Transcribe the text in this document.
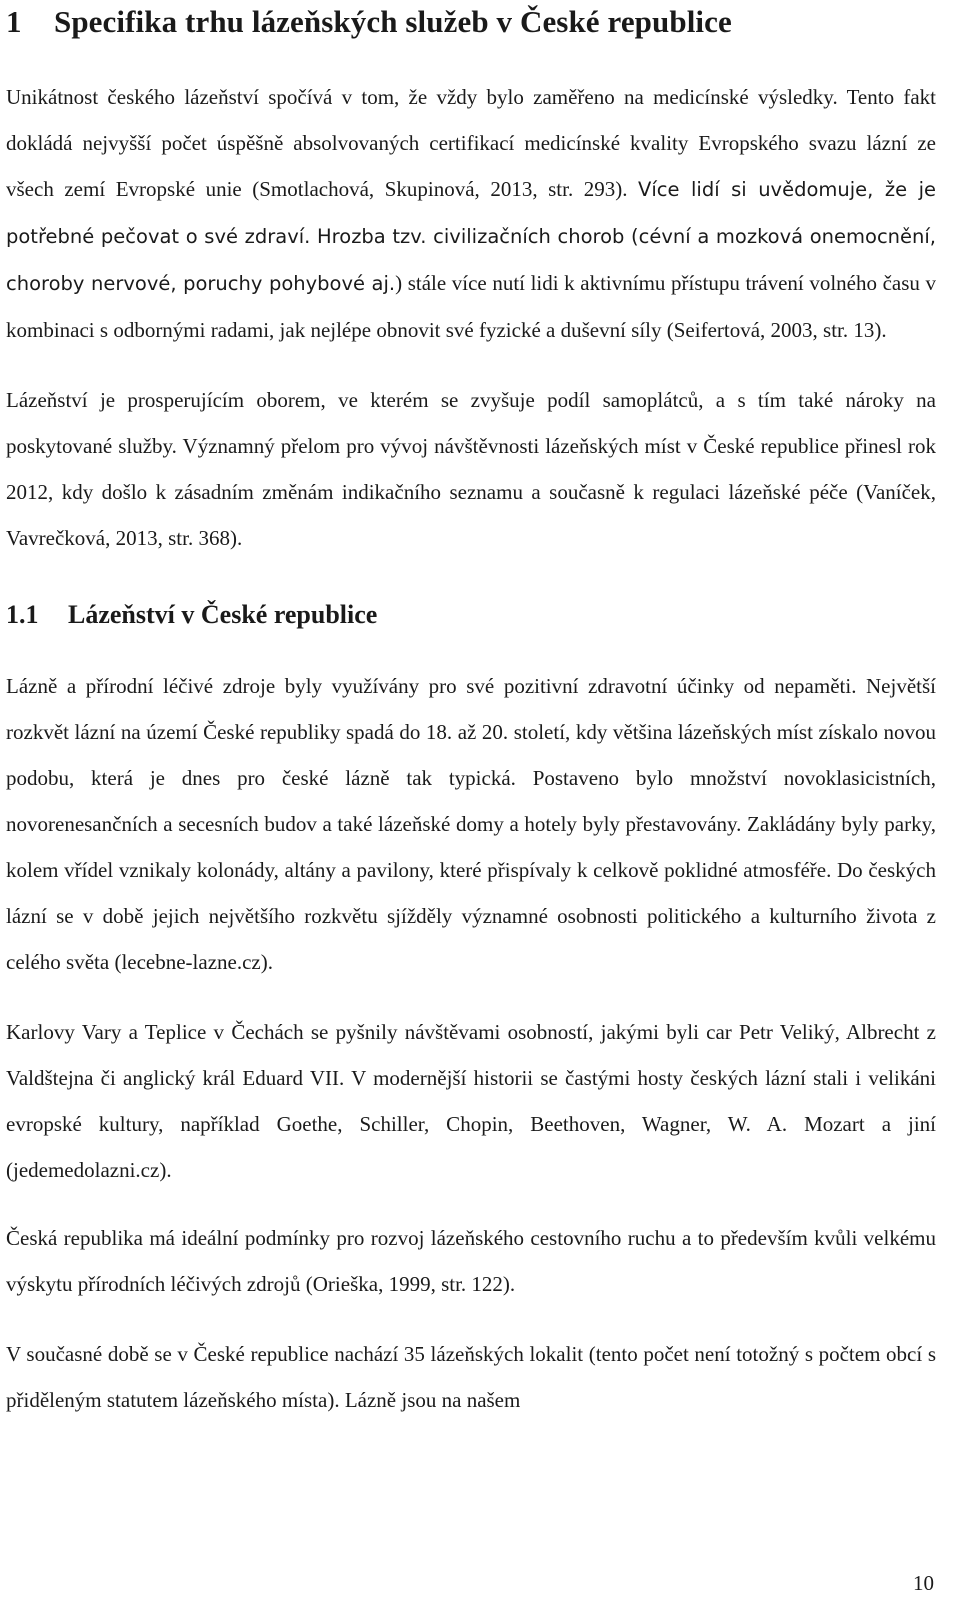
1 Specifika trhu lázeňských služeb v České republice

Unikátnost českého lázeňství spočívá v tom, že vždy bylo zaměřeno na medicínské výsledky. Tento fakt dokládá nejvyšší počet úspěšně absolvovaných certifikací medicínské kvality Evropského svazu lázní ze všech zemí Evropské unie (Smotlachová, Skupinová, 2013, str. 293). Více lidí si uvědomuje, že je potřebné pečovat o své zdraví. Hrozba tzv. civilizačních chorob (cévní a mozková onemocnění, choroby nervové, poruchy pohybové aj.) stále více nutí lidi k aktivnímu přístupu trávení volného času v kombinaci s odbornými radami, jak nejlépe obnovit své fyzické a duševní síly (Seifertová, 2003, str. 13).

Lázeňství je prosperujícím oborem, ve kterém se zvyšuje podíl samoplátců, a s tím také nároky na poskytované služby. Významný přelom pro vývoj návštěvnosti lázeňských míst v České republice přinesl rok 2012, kdy došlo k zásadním změnám indikačního seznamu a současně k regulaci lázeňské péče (Vaníček, Vavrečková, 2013, str. 368).

1.1 Lázeňství v České republice

Lázně a přírodní léčivé zdroje byly využívány pro své pozitivní zdravotní účinky od nepaměti. Největší rozkvět lázní na území České republiky spadá do 18. až 20. století, kdy většina lázeňských míst získalo novou podobu, která je dnes pro české lázně tak typická. Postaveno bylo množství novoklasicistních, novorenesančních a secesních budov a také lázeňské domy a hotely byly přestavovány. Zakládány byly parky, kolem vřídel vznikaly kolonády, altány a pavilony, které přispívaly k celkově poklidné atmosféře. Do českých lázní se v době jejich největšího rozkvětu sjížděly významné osobnosti politického a kulturního života z celého světa (lecebne-lazne.cz).

Karlovy Vary a Teplice v Čechách se pyšnily návštěvami osobností, jakými byli car Petr Veliký, Albrecht z Valdštejna či anglický král Eduard VII. V modernější historii se častými hosty českých lázní stali i velikáni evropské kultury, například Goethe, Schiller, Chopin, Beethoven, Wagner, W. A. Mozart a jiní (jedemedolazni.cz).

Česká republika má ideální podmínky pro rozvoj lázeňského cestovního ruchu a to především kvůli velkému výskytu přírodních léčivých zdrojů (Orieška, 1999, str. 122).

V současné době se v České republice nachází 35 lázeňských lokalit (tento počet není totožný s počtem obcí s přiděleným statutem lázeňského místa). Lázně jsou na našem

10
